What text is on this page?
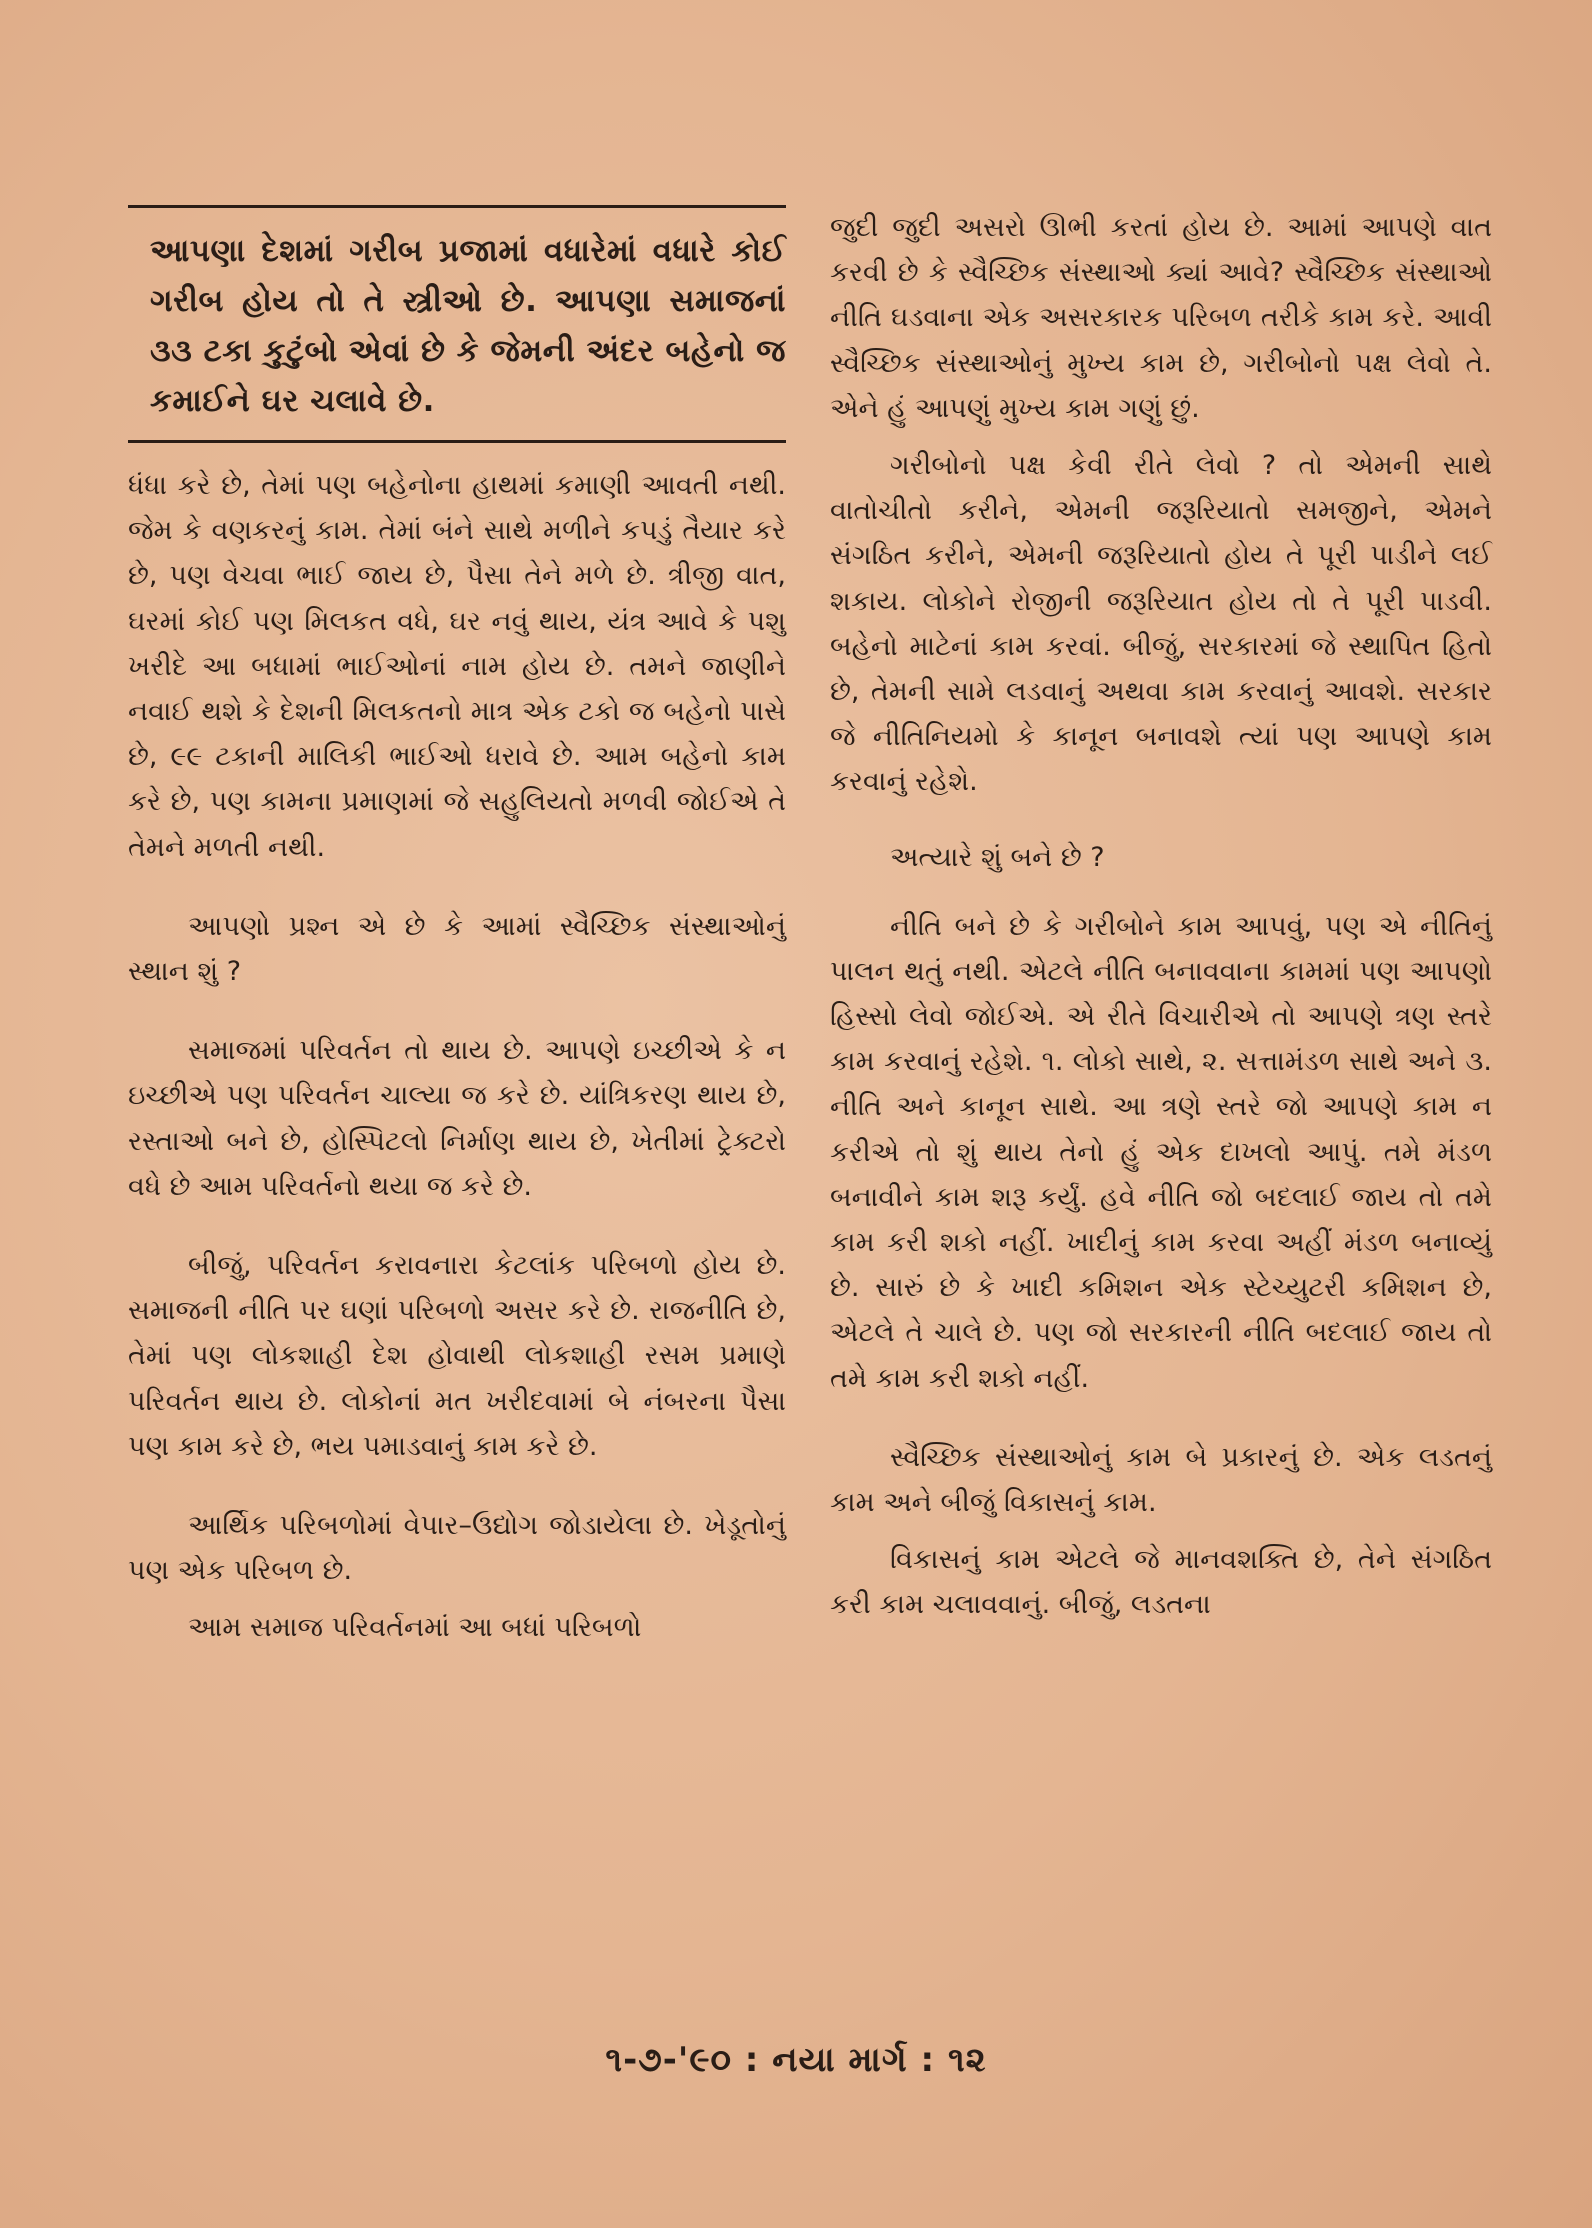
આપણા દેશમાં ગરીબ પ્રજામાં વધારેમાં વધારે કોઈ ગરીબ હોય તો તે સ્ત્રીઓ છે. આપણા સમાજનાં ૩૩ ટકા કુટુંબો એવાં છે કે જેમની અંદર બહેનો જ કમાઈને ઘર ચલાવે છે.

ધંધા કરે છે, તેમાં પણ બહેનોના હાથમાં કમાણી આવતી નથી. જેમ કે વણકરનું કામ. તેમાં બંને સાથે મળીને કપડું તૈયાર કરે છે, પણ વેચવા ભાઈ જાય છે, પૈસા તેને મળે છે. ત્રીજી વાત, ઘરમાં કોઈ પણ મિલકત વધે, ઘર નવું થાય, યંત્ર આવે કે પશુ ખરીદે આ બધામાં ભાઈઓનાં નામ હોય છે. તમને જાણીને નવાઈ થશે કે દેશની મિલકતનો માત્ર એક ટકો જ બહેનો પાસે છે, ૯૯ ટકાની માલિકી ભાઈઓ ધરાવે છે. આમ બહેનો કામ કરે છે, પણ કામના પ્રમાણમાં જે સહુલિયતો મળવી જોઈએ તે તેમને મળતી નથી.

આપણો પ્રશ્ન એ છે કે આમાં સ્વૈચ્છિક સંસ્થાઓનું સ્થાન શું ?

સમાજમાં પરિવર્તન તો થાય છે. આપણે ઇચ્છીએ કે ન ઇચ્છીએ પણ પરિવર્તન ચાલ્યા જ કરે છે. યાંત્રિકરણ થાય છે, રસ્તાઓ બને છે, હોસ્પિટલો નિર્માણ થાય છે, ખેતીમાં ટ્રેક્ટરો વધે છે આમ પરિવર્તનો થયા જ કરે છે.

બીજું, પરિવર્તન કરાવનારા કેટલાંક પરિબળો હોય છે. સમાજની નીતિ પર ઘણાં પરિબળો અસર કરે છે. રાજનીતિ છે, તેમાં પણ લોકશાહી દેશ હોવાથી લોકશાહી રસમ પ્રમાણે પરિવર્તન થાય છે. લોકોનાં મત ખરીદવામાં બે નંબરના પૈસા પણ કામ કરે છે, ભય પમાડવાનું કામ કરે છે.

આર્થિક પરિબળોમાં વેપાર–ઉદ્યોગ જોડાયેલા છે. ખેડૂતોનું પણ એક પરિબળ છે.

આમ સમાજ પરિવર્તનમાં આ બધાં પરિબળો

જુદી જુદી અસરો ઊભી કરતાં હોય છે. આમાં આપણે વાત કરવી છે કે સ્વૈચ્છિક સંસ્થાઓ ક્યાં આવે? સ્વૈચ્છિક સંસ્થાઓ નીતિ ઘડવાના એક અસરકારક પરિબળ તરીકે કામ કરે. આવી સ્વૈચ્છિક સંસ્થાઓનું મુખ્ય કામ છે, ગરીબોનો પક્ષ લેવો તે. એને હું આપણું મુખ્ય કામ ગણું છું.

ગરીબોનો પક્ષ કેવી રીતે લેવો ? તો એમની સાથે વાતોચીતો કરીને, એમની જરૂરિયાતો સમજીને, એમને સંગઠિત કરીને, એમની જરૂરિયાતો હોય તે પૂરી પાડીને લઈ શકાય. લોકોને રોજીની જરૂરિયાત હોય તો તે પૂરી પાડવી. બહેનો માટેનાં કામ કરવાં. બીજું, સરકારમાં જે સ્થાપિત હિતો છે, તેમની સામે લડવાનું અથવા કામ કરવાનું આવશે. સરકાર જે નીતિનિયમો કે કાનૂન બનાવશે ત્યાં પણ આપણે કામ કરવાનું રહેશે.

અત્યારે શું બને છે ?

નીતિ બને છે કે ગરીબોને કામ આપવું, પણ એ નીતિનું પાલન થતું નથી. એટલે નીતિ બનાવવાના કામમાં પણ આપણો હિસ્સો લેવો જોઈએ. એ રીતે વિચારીએ તો આપણે ત્રણ સ્તરે કામ કરવાનું રહેશે. ૧. લોકો સાથે, ૨. સત્તામંડળ સાથે અને ૩. નીતિ અને કાનૂન સાથે. આ ત્રણે સ્તરે જો આપણે કામ ન કરીએ તો શું થાય તેનો હું એક દાખલો આપું. તમે મંડળ બનાવીને કામ શરૂ કર્યું. હવે નીતિ જો બદલાઈ જાય તો તમે કામ કરી શકો નહીં. ખાદીનું કામ કરવા અહીં મંડળ બનાવ્યું છે. સારું છે કે ખાદી કમિશન એક સ્ટેચ્યુટરી કમિશન છે, એટલે તે ચાલે છે. પણ જો સરકારની નીતિ બદલાઈ જાય તો તમે કામ કરી શકો નહીં.

સ્વૈચ્છિક સંસ્થાઓનું કામ બે પ્રકારનું છે. એક લડતનું કામ અને બીજું વિકાસનું કામ.

વિકાસનું કામ એટલે જે માનવશક્તિ છે, તેને સંગઠિત કરી કામ ચલાવવાનું. બીજું, લડતના

૧-૭-'૯૦ : નયા માર્ગ : ૧૨
